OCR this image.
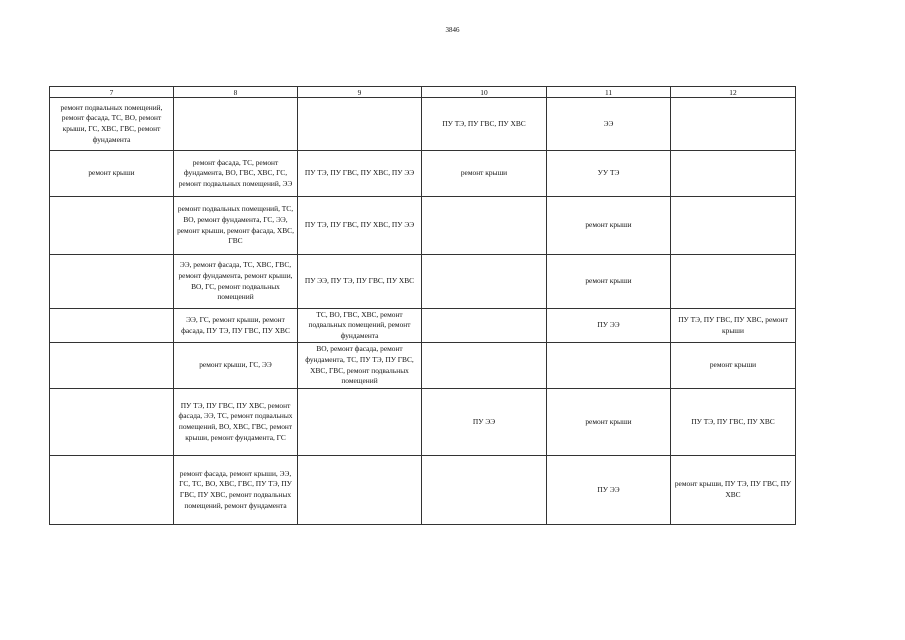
3846
7	8	9	10	11	12
ремонт подвальных помещений, ремонт фасада, ТС, ВО, ремонт крыши, ГС, ХВС, ГВС, ремонт фундамента			ПУ ТЭ, ПУ ГВС, ПУ ХВС	ЭЭ	
ремонт крыши	ремонт фасада, ТС, ремонт фундамента, ВО, ГВС, ХВС, ГС, ремонт подвальных помещений, ЭЭ	ПУ ТЭ, ПУ ГВС, ПУ ХВС, ПУ ЭЭ	ремонт крыши	УУ ТЭ	
	ремонт подвальных помещений, ТС, ВО, ремонт фундамента, ГС, ЭЭ, ремонт крыши, ремонт фасада, ХВС, ГВС	ПУ ТЭ, ПУ ГВС, ПУ ХВС, ПУ ЭЭ		ремонт крыши	
	ЭЭ, ремонт фасада, ТС, ХВС, ГВС, ремонт фундамента, ремонт крыши, ВО, ГС, ремонт подвальных помещений	ПУ ЭЭ, ПУ ТЭ, ПУ ГВС, ПУ ХВС		ремонт крыши	
	ЭЭ, ГС, ремонт крыши, ремонт фасада, ПУ ТЭ, ПУ ГВС, ПУ ХВС	ТС, ВО, ГВС, ХВС, ремонт подвальных помещений, ремонт фундамента		ПУ ЭЭ	ПУ ТЭ, ПУ ГВС, ПУ ХВС, ремонт крыши
	ремонт крыши, ГС, ЭЭ	ВО, ремонт фасада, ремонт фундамента, ТС, ПУ ТЭ, ПУ ГВС, ХВС, ГВС, ремонт подвальных помещений			ремонт крыши
	ПУ ТЭ, ПУ ГВС, ПУ ХВС, ремонт фасада, ЭЭ, ТС, ремонт подвальных помещений, ВО, ХВС, ГВС, ремонт крыши, ремонт фундамента, ГС		ПУ ЭЭ	ремонт крыши	ПУ ТЭ, ПУ ГВС, ПУ ХВС
	ремонт фасада, ремонт крыши, ЭЭ, ГС, ТС, ВО, ХВС, ГВС, ПУ ТЭ, ПУ ГВС, ПУ ХВС, ремонт подвальных помещений, ремонт фундамента			ПУ ЭЭ	ремонт крыши, ПУ ТЭ, ПУ ГВС, ПУ ХВС
